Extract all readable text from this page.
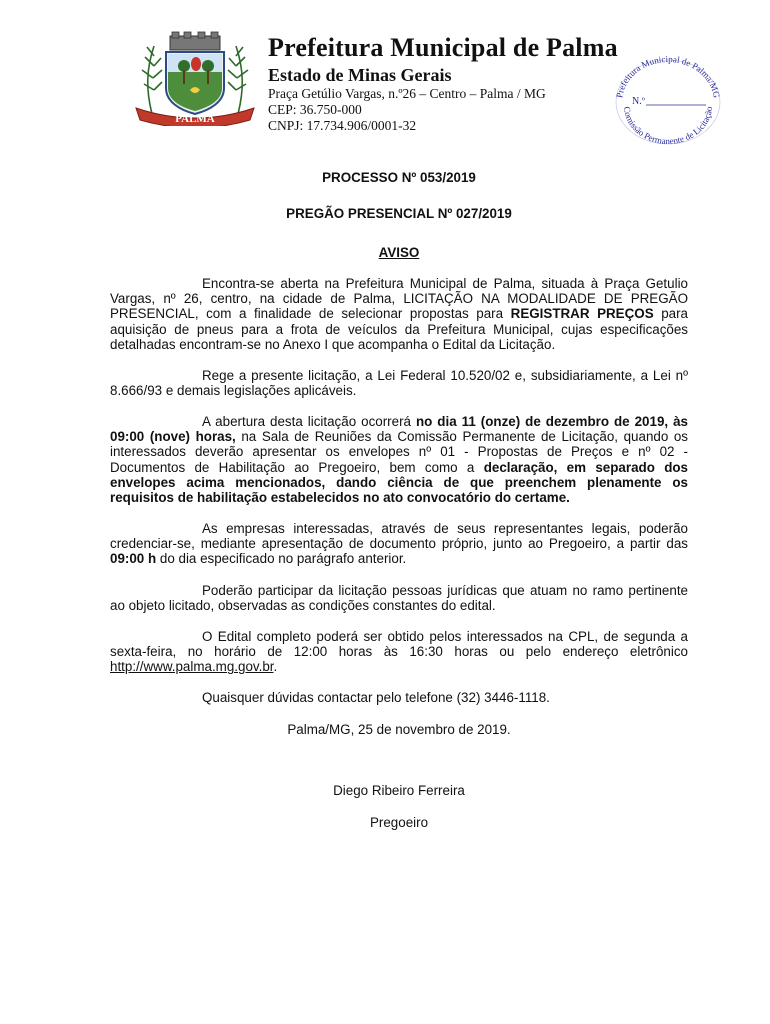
PALMA
Prefeitura Municipal de Palma
Estado de Minas Gerais
Praça Getúlio Vargas, n.º26 – Centro – Palma / MG
CEP: 36.750-000
CNPJ: 17.734.906/0001-32
Prefeitura Municipal de Palma/MG
Comissão Permanente de Licitação
N.º
PROCESSO Nº 053/2019
PREGÃO PRESENCIAL Nº 027/2019
AVISO
Encontra-se aberta na Prefeitura Municipal de Palma, situada à Praça Getulio Vargas, nº 26, centro, na cidade de Palma, LICITAÇÃO NA MODALIDADE DE PREGÃO PRESENCIAL, com a finalidade de selecionar propostas para REGISTRAR PREÇOS para aquisição de pneus para a frota de veículos da Prefeitura Municipal, cujas especificações detalhadas encontram-se no Anexo I que acompanha o Edital da Licitação.
Rege a presente licitação, a Lei Federal 10.520/02 e, subsidiariamente, a Lei nº 8.666/93 e demais legislações aplicáveis.
A abertura desta licitação ocorrerá no dia 11 (onze) de dezembro de 2019, às 09:00 (nove) horas, na Sala de Reuniões da Comissão Permanente de Licitação, quando os interessados deverão apresentar os envelopes nº 01 - Propostas de Preços e nº 02 - Documentos de Habilitação ao Pregoeiro, bem como a declaração, em separado dos envelopes acima mencionados, dando ciência de que preenchem plenamente os requisitos de habilitação estabelecidos no ato convocatório do certame.
As empresas interessadas, através de seus representantes legais, poderão credenciar-se, mediante apresentação de documento próprio, junto ao Pregoeiro, a partir das 09:00 h do dia especificado no parágrafo anterior.
Poderão participar da licitação pessoas jurídicas que atuam no ramo pertinente ao objeto licitado, observadas as condições constantes do edital.
O Edital completo poderá ser obtido pelos interessados na CPL, de segunda a sexta-feira, no horário de 12:00 horas às 16:30 horas ou pelo endereço eletrônico http://www.palma.mg.gov.br.
Quaisquer dúvidas contactar pelo telefone (32) 3446-1118.
Palma/MG, 25 de novembro de 2019.
Diego Ribeiro Ferreira
Pregoeiro
